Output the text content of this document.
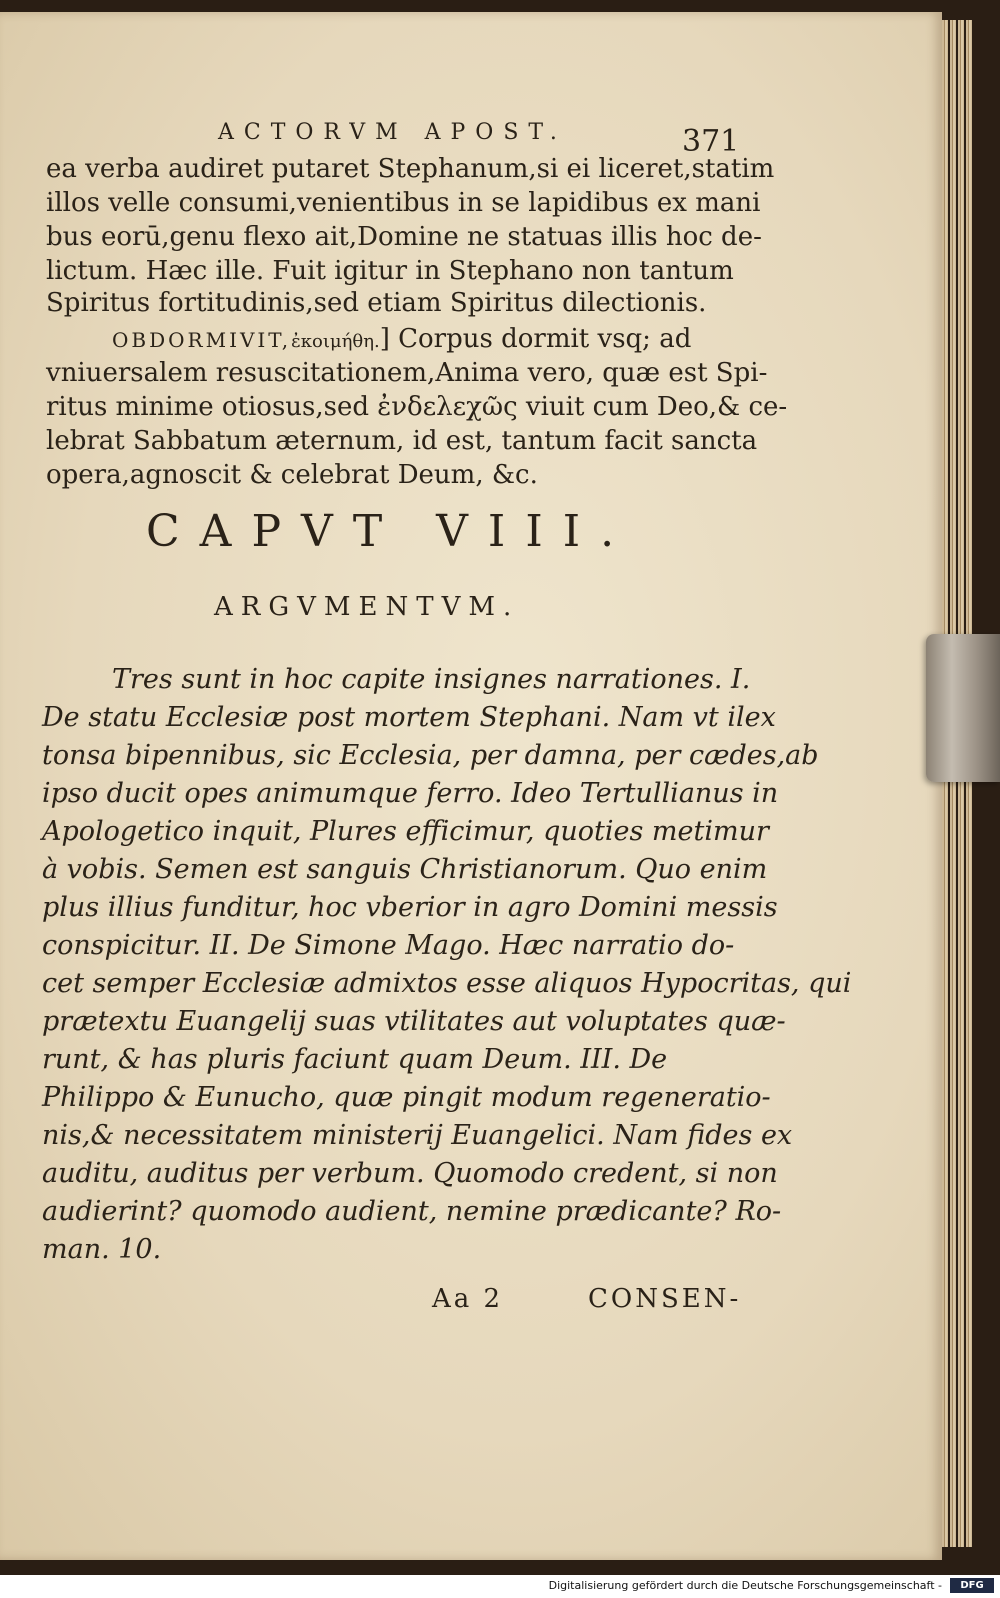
ACTORVM APOST.	371
ea verba audiret putaret Stephanum,si ei liceret,statim
illos velle consumi,venientibus in se lapidibus ex mani
bus eorū,genu flexo ait,Domine ne statuas illis hoc de-
lictum. Hæc ille. Fuit igitur in Stephano non tantum
Spiritus fortitudinis,sed etiam Spiritus dilectionis.
OBDORMIVIT,ἐκοιμήθη.] Corpus dormit vsq; ad
vniuersalem resuscitationem,Anima vero, quæ est Spi-
ritus minime otiosus,sed ἐνδελεχῶς viuit cum Deo,& ce-
lebrat Sabbatum æternum, id est, tantum facit sancta
opera,agnoscit & celebrat Deum, &c.
CAPVT VIII.
ARGVMENTVM.
Tres sunt in hoc capite insignes narrationes. I.
De statu Ecclesiæ post mortem Stephani. Nam vt ilex
tonsa bipennibus, sic Ecclesia, per damna, per cædes,ab
ipso ducit opes animumque ferro. Ideo Tertullianus in
Apologetico inquit, Plures efficimur, quoties metimur
à vobis. Semen est sanguis Christianorum. Quo enim
plus illius funditur, hoc vberior in agro Domini messis
conspicitur. II. De Simone Mago. Hæc narratio do-
cet semper Ecclesiæ admixtos esse aliquos Hypocritas, qui
prætextu Euangelij suas vtilitates aut voluptates quæ-
runt, & has pluris faciunt quam Deum. III. De
Philippo & Eunucho, quæ pingit modum regeneratio-
nis,& necessitatem ministerij Euangelici. Nam fides ex
auditu, auditus per verbum. Quomodo credent, si non
audierint? quomodo audient, nemine prædicante? Ro-
man. 10.
Aa 2	CONSEN-
Digitalisierung gefördert durch die Deutsche Forschungsgemeinschaft -	DFG
